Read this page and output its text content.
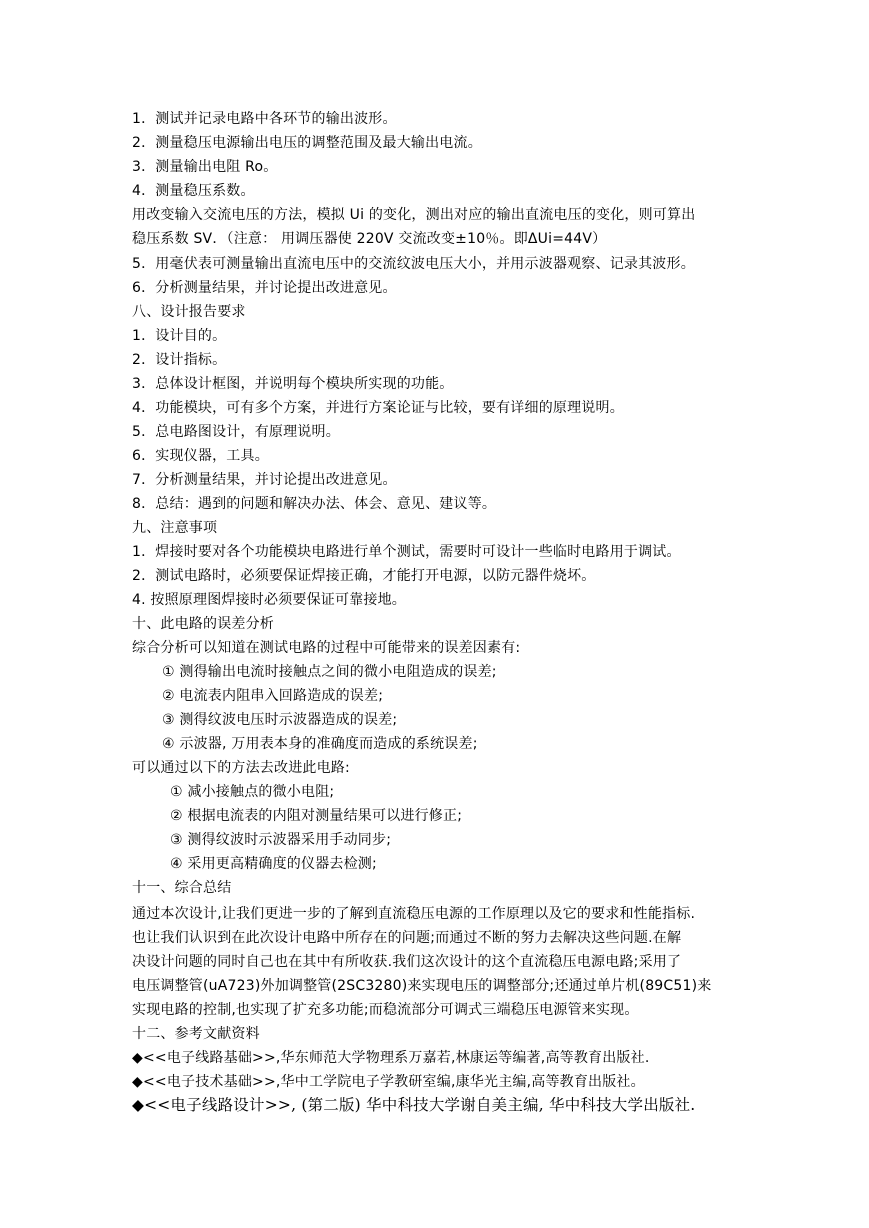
1．测试并记录电路中各环节的输出波形。
2．测量稳压电源输出电压的调整范围及最大输出电流。
3．测量输出电阻 Ro。
4．测量稳压系数。
用改变输入交流电压的方法，模拟 Ui 的变化，测出对应的输出直流电压的变化，则可算出
稳压系数 SV．（注意： 用调压器使 220V 交流改变±10％。即ΔUi=44V）
5．用毫伏表可测量输出直流电压中的交流纹波电压大小，并用示波器观察、记录其波形。
6．分析测量结果，并讨论提出改进意见。
八、设计报告要求
1．设计目的。
2．设计指标。
3．总体设计框图，并说明每个模块所实现的功能。
4．功能模块，可有多个方案，并进行方案论证与比较，要有详细的原理说明。
5．总电路图设计，有原理说明。
6．实现仪器，工具。
7．分析测量结果，并讨论提出改进意见。
8．总结：遇到的问题和解决办法、体会、意见、建议等。
九、注意事项
1．焊接时要对各个功能模块电路进行单个测试，需要时可设计一些临时电路用于调试。
2．测试电路时，必须要保证焊接正确，才能打开电源，以防元器件烧坏。
4. 按照原理图焊接时必须要保证可靠接地。
十、此电路的误差分析
综合分析可以知道在测试电路的过程中可能带来的误差因素有:
① 测得输出电流时接触点之间的微小电阻造成的误差;
② 电流表内阻串入回路造成的误差;
③ 测得纹波电压时示波器造成的误差;
④ 示波器, 万用表本身的准确度而造成的系统误差;
可以通过以下的方法去改进此电路:
① 减小接触点的微小电阻;
② 根据电流表的内阻对测量结果可以进行修正;
③ 测得纹波时示波器采用手动同步;
④ 采用更高精确度的仪器去检测;
十一、综合总结
通过本次设计,让我们更进一步的了解到直流稳压电源的工作原理以及它的要求和性能指标.
也让我们认识到在此次设计电路中所存在的问题;而通过不断的努力去解决这些问题.在解
决设计问题的同时自己也在其中有所收获.我们这次设计的这个直流稳压电源电路;采用了
电压调整管(uA723)外加调整管(2SC3280)来实现电压的调整部分;还通过单片机(89C51)来
实现电路的控制,也实现了扩充多功能;而稳流部分可调式三端稳压电源管来实现。
十二、参考文献资料
◆<<电子线路基础>>,华东师范大学物理系万嘉若,林康运等编著,高等教育出版社.
◆<<电子技术基础>>,华中工学院电子学教研室编,康华光主编,高等教育出版社。
◆<<电子线路设计>>, (第二版) 华中科技大学谢自美主编, 华中科技大学出版社.
